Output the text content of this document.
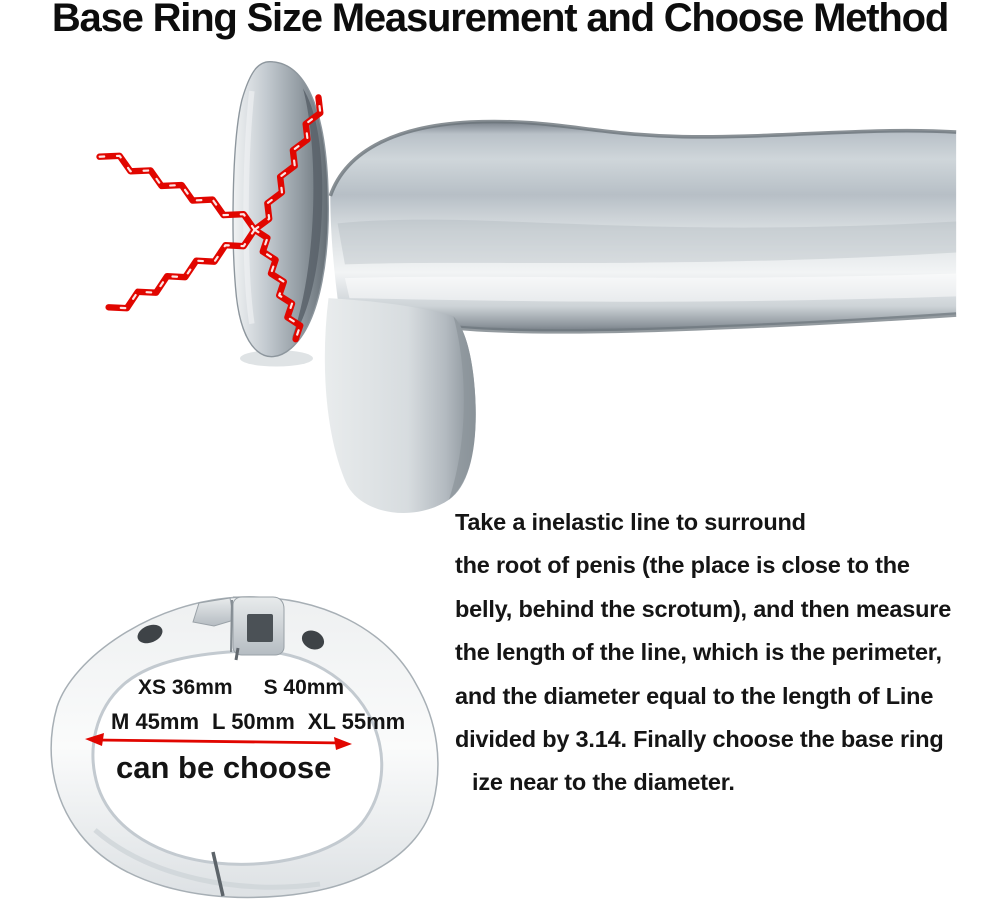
Base Ring Size Measurement and Choose Method
XS 36mm S 40mm
M 45mm L 50mm XL 55mm
can be choose
Take a inelastic line to surround
the root of penis (the place is close to the
belly, behind the scrotum), and then measure
the length of the line, which is the perimeter,
and the diameter equal to the length of Line
divided by 3.14. Finally choose the base ring
ize near to the diameter.
